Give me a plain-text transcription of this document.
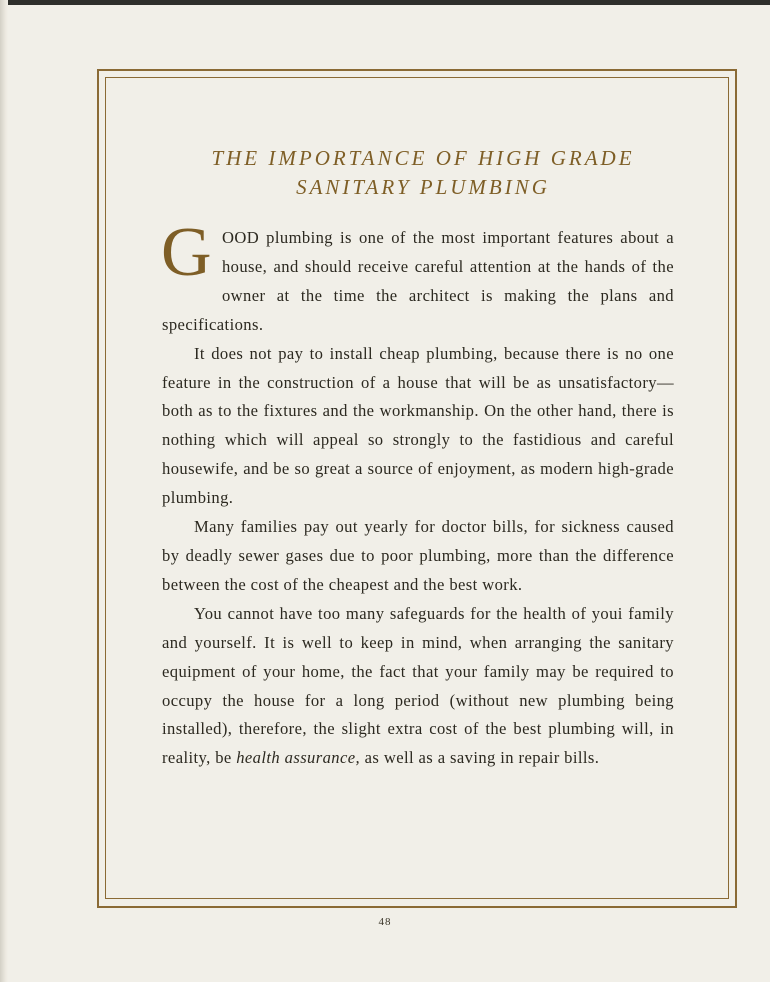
THE IMPORTANCE OF HIGH GRADE
SANITARY PLUMBING

GOOD plumbing is one of the most important features about a house, and should receive careful attention at the hands of the owner at the time the architect is making the plans and specifications.

It does not pay to install cheap plumbing, because there is no one feature in the construction of a house that will be as unsatisfactory—both as to the fixtures and the workmanship. On the other hand, there is nothing which will appeal so strongly to the fastidious and careful housewife, and be so great a source of enjoyment, as modern high-grade plumbing.

Many families pay out yearly for doctor bills, for sickness caused by deadly sewer gases due to poor plumbing, more than the difference between the cost of the cheapest and the best work.

You cannot have too many safeguards for the health of youi family and yourself. It is well to keep in mind, when arranging the sanitary equipment of your home, the fact that your family may be required to occupy the house for a long period (without new plumbing being installed), therefore, the slight extra cost of the best plumbing will, in reality, be health assurance, as well as a saving in repair bills.

48
